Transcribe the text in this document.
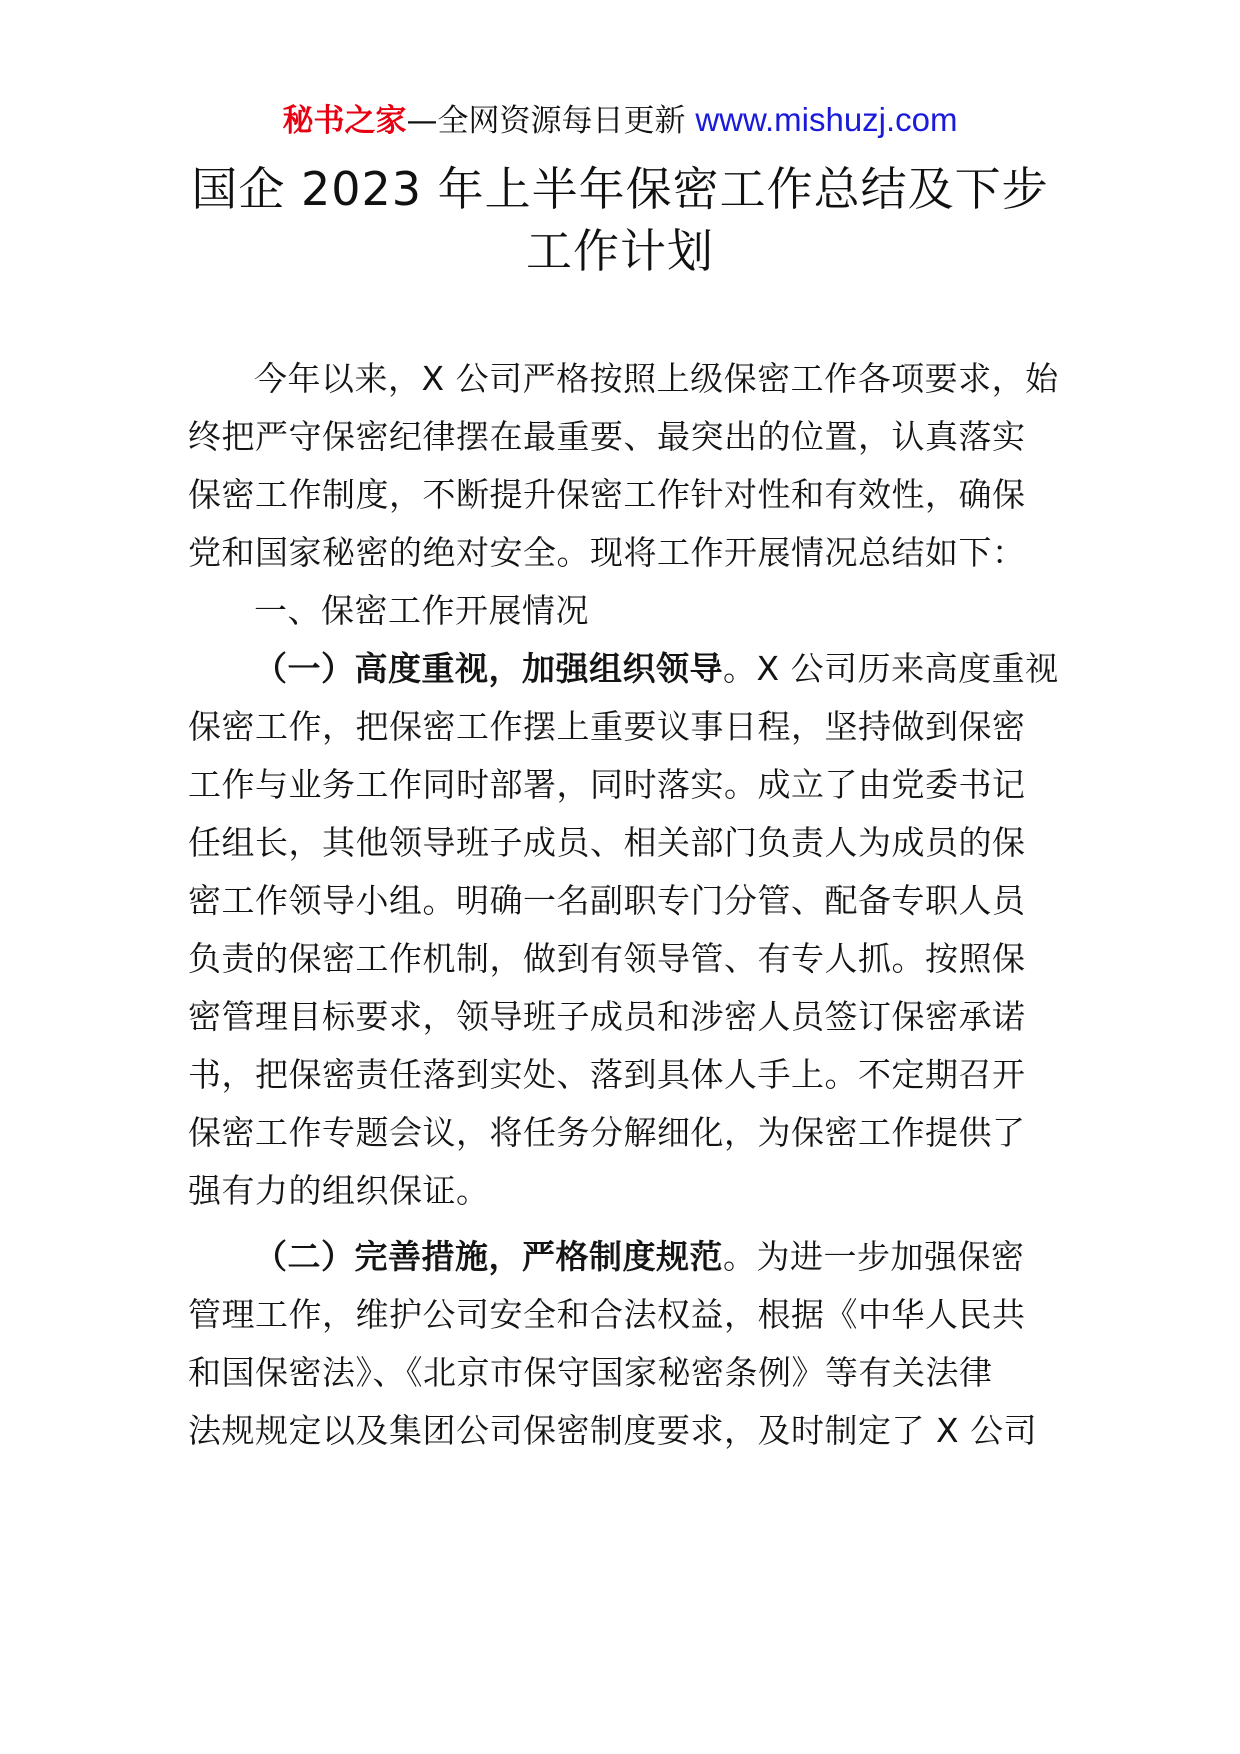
秘书之家—全网资源每日更新 www.mishuzj.com
国企 2023 年上半年保密工作总结及下步
工作计划
今年以来，X 公司严格按照上级保密工作各项要求，始
终把严守保密纪律摆在最重要、最突出的位置，认真落实
保密工作制度，不断提升保密工作针对性和有效性，确保
党和国家秘密的绝对安全。现将工作开展情况总结如下：
一、保密工作开展情况
（一）高度重视，加强组织领导。X 公司历来高度重视
保密工作，把保密工作摆上重要议事日程，坚持做到保密
工作与业务工作同时部署，同时落实。成立了由党委书记
任组长，其他领导班子成员、相关部门负责人为成员的保
密工作领导小组。明确一名副职专门分管、配备专职人员
负责的保密工作机制，做到有领导管、有专人抓。按照保
密管理目标要求，领导班子成员和涉密人员签订保密承诺
书，把保密责任落到实处、落到具体人手上。不定期召开
保密工作专题会议，将任务分解细化，为保密工作提供了
强有力的组织保证。
（二）完善措施，严格制度规范。为进一步加强保密
管理工作，维护公司安全和合法权益，根据《中华人民共
和国保密法》、《北京市保守国家秘密条例》等有关法律
法规规定以及集团公司保密制度要求，及时制定了 X 公司
